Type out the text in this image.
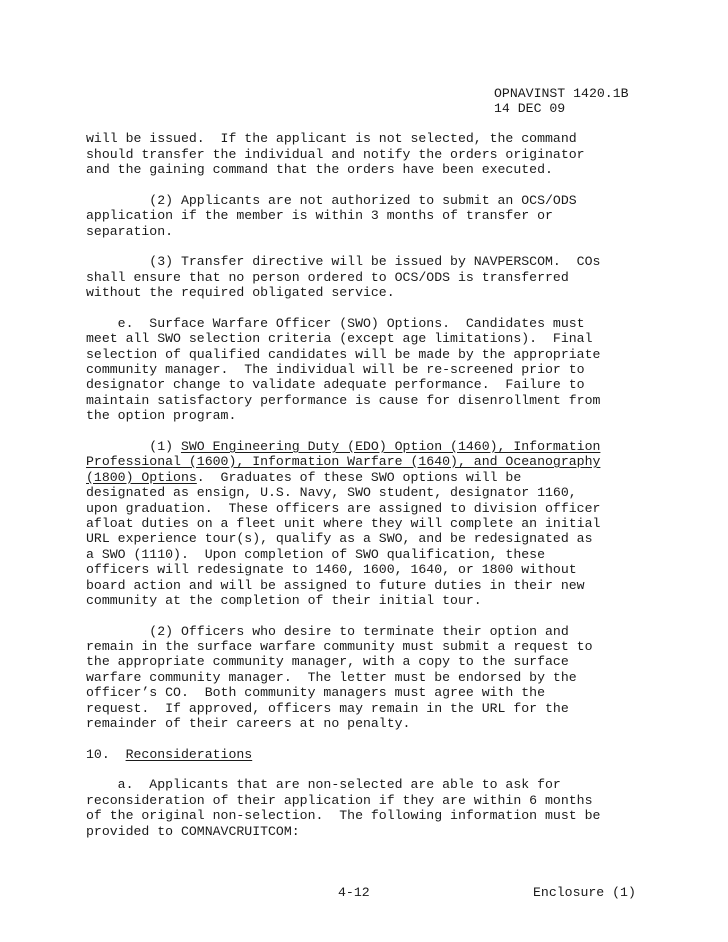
OPNAVINST 1420.1B
14 DEC 09
will be issued.  If the applicant is not selected, the command
should transfer the individual and notify the orders originator
and the gaining command that the orders have been executed.
(2) Applicants are not authorized to submit an OCS/ODS
application if the member is within 3 months of transfer or
separation.
(3) Transfer directive will be issued by NAVPERSCOM.  COs
shall ensure that no person ordered to OCS/ODS is transferred
without the required obligated service.
e.  Surface Warfare Officer (SWO) Options.  Candidates must
meet all SWO selection criteria (except age limitations).  Final
selection of qualified candidates will be made by the appropriate
community manager.  The individual will be re-screened prior to
designator change to validate adequate performance.  Failure to
maintain satisfactory performance is cause for disenrollment from
the option program.
(1) SWO Engineering Duty (EDO) Option (1460), Information
Professional (1600), Information Warfare (1640), and Oceanography
(1800) Options.  Graduates of these SWO options will be
designated as ensign, U.S. Navy, SWO student, designator 1160,
upon graduation.  These officers are assigned to division officer
afloat duties on a fleet unit where they will complete an initial
URL experience tour(s), qualify as a SWO, and be redesignated as
a SWO (1110).  Upon completion of SWO qualification, these
officers will redesignate to 1460, 1600, 1640, or 1800 without
board action and will be assigned to future duties in their new
community at the completion of their initial tour.
(2) Officers who desire to terminate their option and
remain in the surface warfare community must submit a request to
the appropriate community manager, with a copy to the surface
warfare community manager.  The letter must be endorsed by the
officer’s CO.  Both community managers must agree with the
request.  If approved, officers may remain in the URL for the
remainder of their careers at no penalty.
10.  Reconsiderations
a.  Applicants that are non-selected are able to ask for
reconsideration of their application if they are within 6 months
of the original non-selection.  The following information must be
provided to COMNAVCRUITCOM:
4-12	Enclosure (1)
